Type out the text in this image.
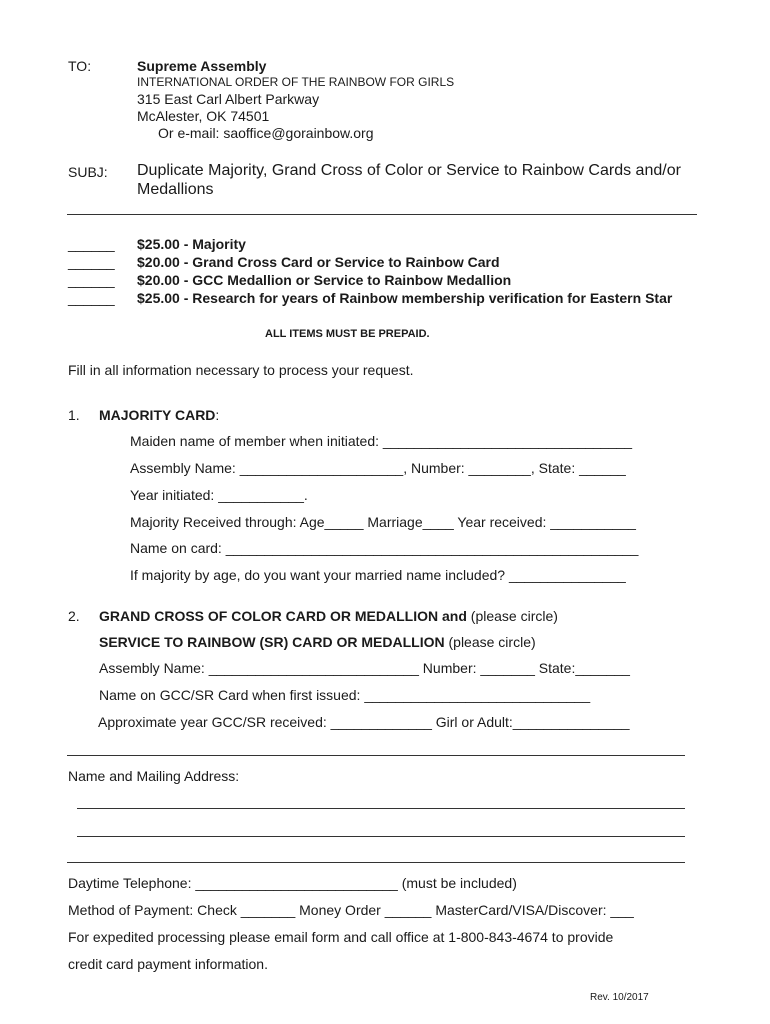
TO:	Supreme Assembly
INTERNATIONAL ORDER OF THE RAINBOW FOR GIRLS
315 East Carl Albert Parkway
McAlester, OK 74501
Or e-mail: saoffice@gorainbow.org
SUBJ: Duplicate Majority, Grand Cross of Color or Service to Rainbow Cards and/or
Medallions
______ $25.00 - Majority
______ $20.00 - Grand Cross Card or Service to Rainbow Card
______ $20.00 - GCC Medallion or Service to Rainbow Medallion
______ $25.00 - Research for years of Rainbow membership verification for Eastern Star
ALL ITEMS MUST BE PREPAID.
Fill in all information necessary to process your request.
1. MAJORITY CARD:
Maiden name of member when initiated: ________________________________
Assembly Name: _____________________, Number: ________, State: ______
Year initiated: ___________.
Majority Received through: Age_____ Marriage____ Year received: ___________
Name on card: _____________________________________________________
If majority by age, do you want your married name included? _______________
2. GRAND CROSS OF COLOR CARD OR MEDALLION and (please circle)
SERVICE TO RAINBOW (SR) CARD OR MEDALLION (please circle)
Assembly Name: ___________________________ Number: _______ State:_______
Name on GCC/SR Card when first issued: _____________________________
Approximate year GCC/SR received: _____________ Girl or Adult:_______________
Name and Mailing Address:
Daytime Telephone: __________________________ (must be included)
Method of Payment: Check _______ Money Order ______ MasterCard/VISA/Discover: ___
For expedited processing please email form and call office at 1-800-843-4674 to provide
credit card payment information.
Rev. 10/2017
